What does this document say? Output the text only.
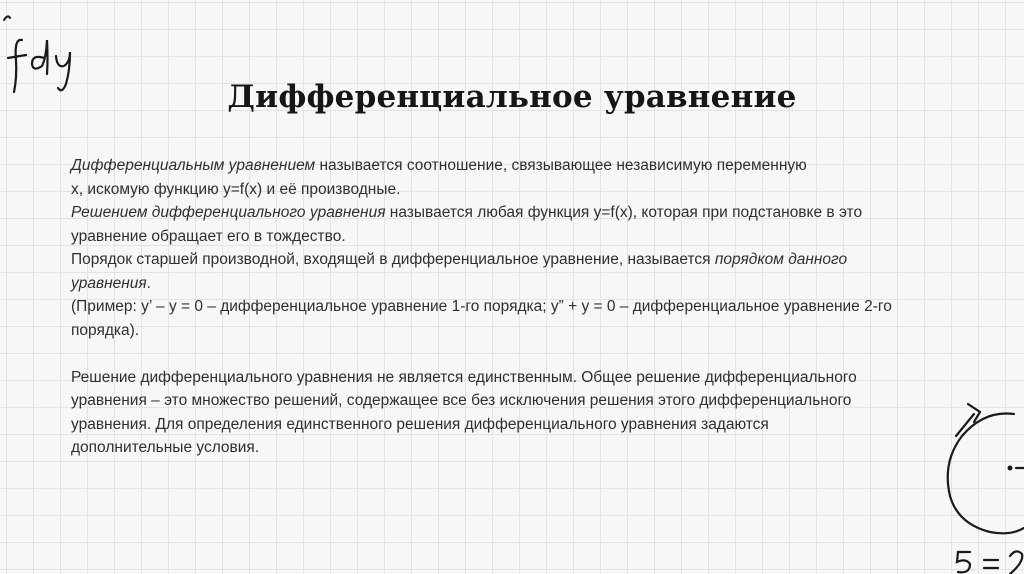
Дифференциальное уравнение
Дифференциальным уравнением называется соотношение, связывающее независимую переменную
x, искомую функцию y=f(x) и её производные.
Решением дифференциального уравнения называется любая функция y=f(x), которая при подстановке в это
уравнение обращает его в тождество.
Порядок старшей производной, входящей в дифференциальное уравнение, называется порядком данного
уравнения.
(Пример: y’ – y = 0 – дифференциальное уравнение 1-го порядка; y” + y = 0 – дифференциальное уравнение 2-го
порядка).
Решение дифференциального уравнения не является единственным. Общее решение дифференциального
уравнения – это множество решений, содержащее все без исключения решения этого дифференциального
уравнения. Для определения единственного решения дифференциального уравнения задаются
дополнительные условия.
